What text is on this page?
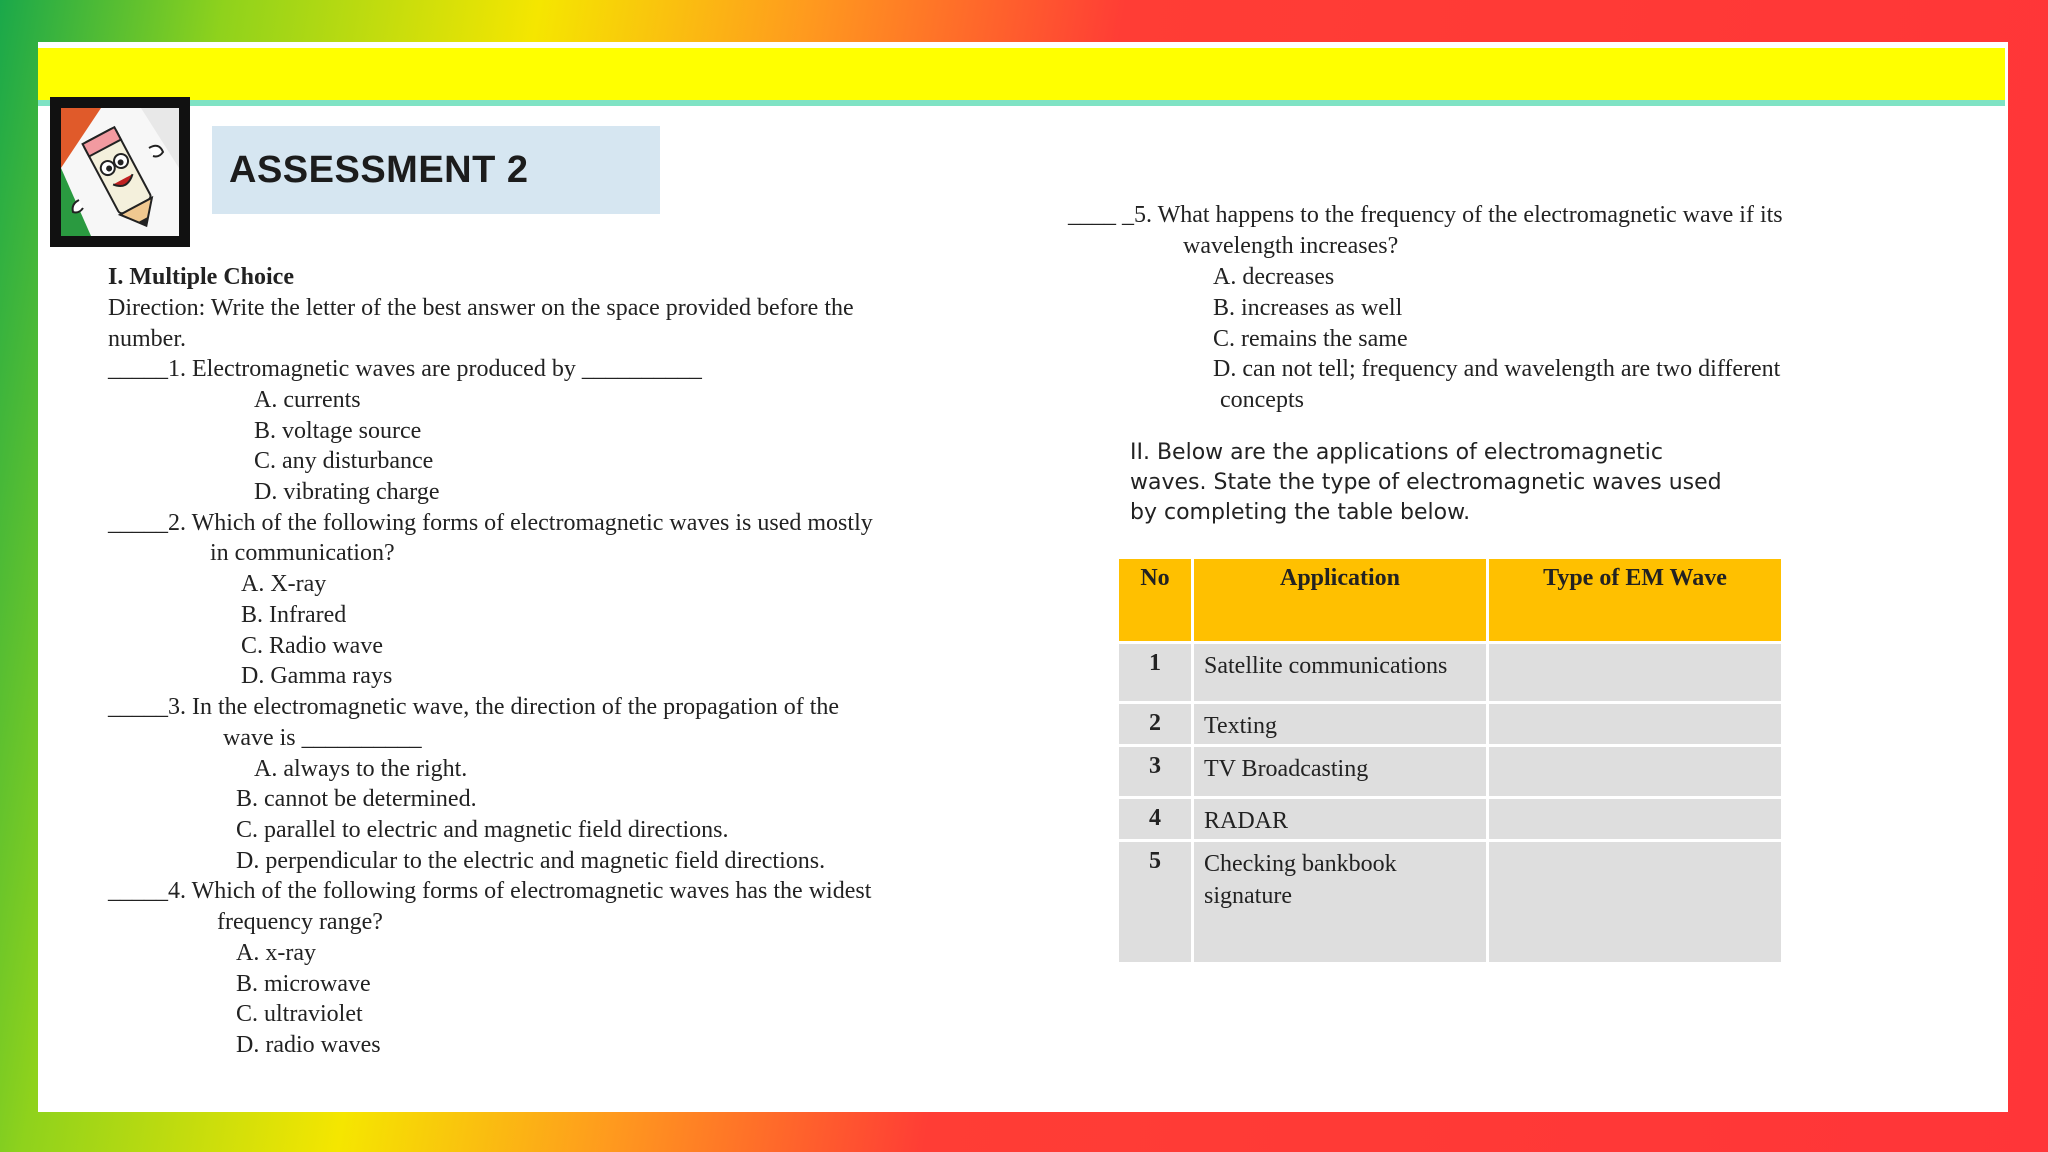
ASSESSMENT 2
I. Multiple Choice
Direction: Write the letter of the best answer on the space provided before the
number.
_____1. Electromagnetic waves are produced by __________
A. currents
B. voltage source
C. any disturbance
D. vibrating charge
_____2. Which of the following forms of electromagnetic waves is used mostly
in communication?
A. X-ray
B. Infrared
C. Radio wave
D. Gamma rays
_____3. In the electromagnetic wave, the direction of the propagation of the
wave is __________
A. always to the right.
B. cannot be determined.
C. parallel to electric and magnetic field directions.
D. perpendicular to the electric and magnetic field directions.
_____4. Which of the following forms of electromagnetic waves has the widest
frequency range?
A. x-ray
B. microwave
C. ultraviolet
D. radio waves
____ _5. What happens to the frequency of the electromagnetic wave if its
wavelength increases?
A. decreases
B. increases as well
C. remains the same
D. can not tell; frequency and wavelength are two different
concepts
II. Below are the applications of electromagnetic
waves. State the type of electromagnetic waves used
by completing the table below.
No	Application	Type of EM Wave
1	Satellite communications	
2	Texting	
3	TV Broadcasting	
4	RADAR	
5	Checking bankbook
signature	
